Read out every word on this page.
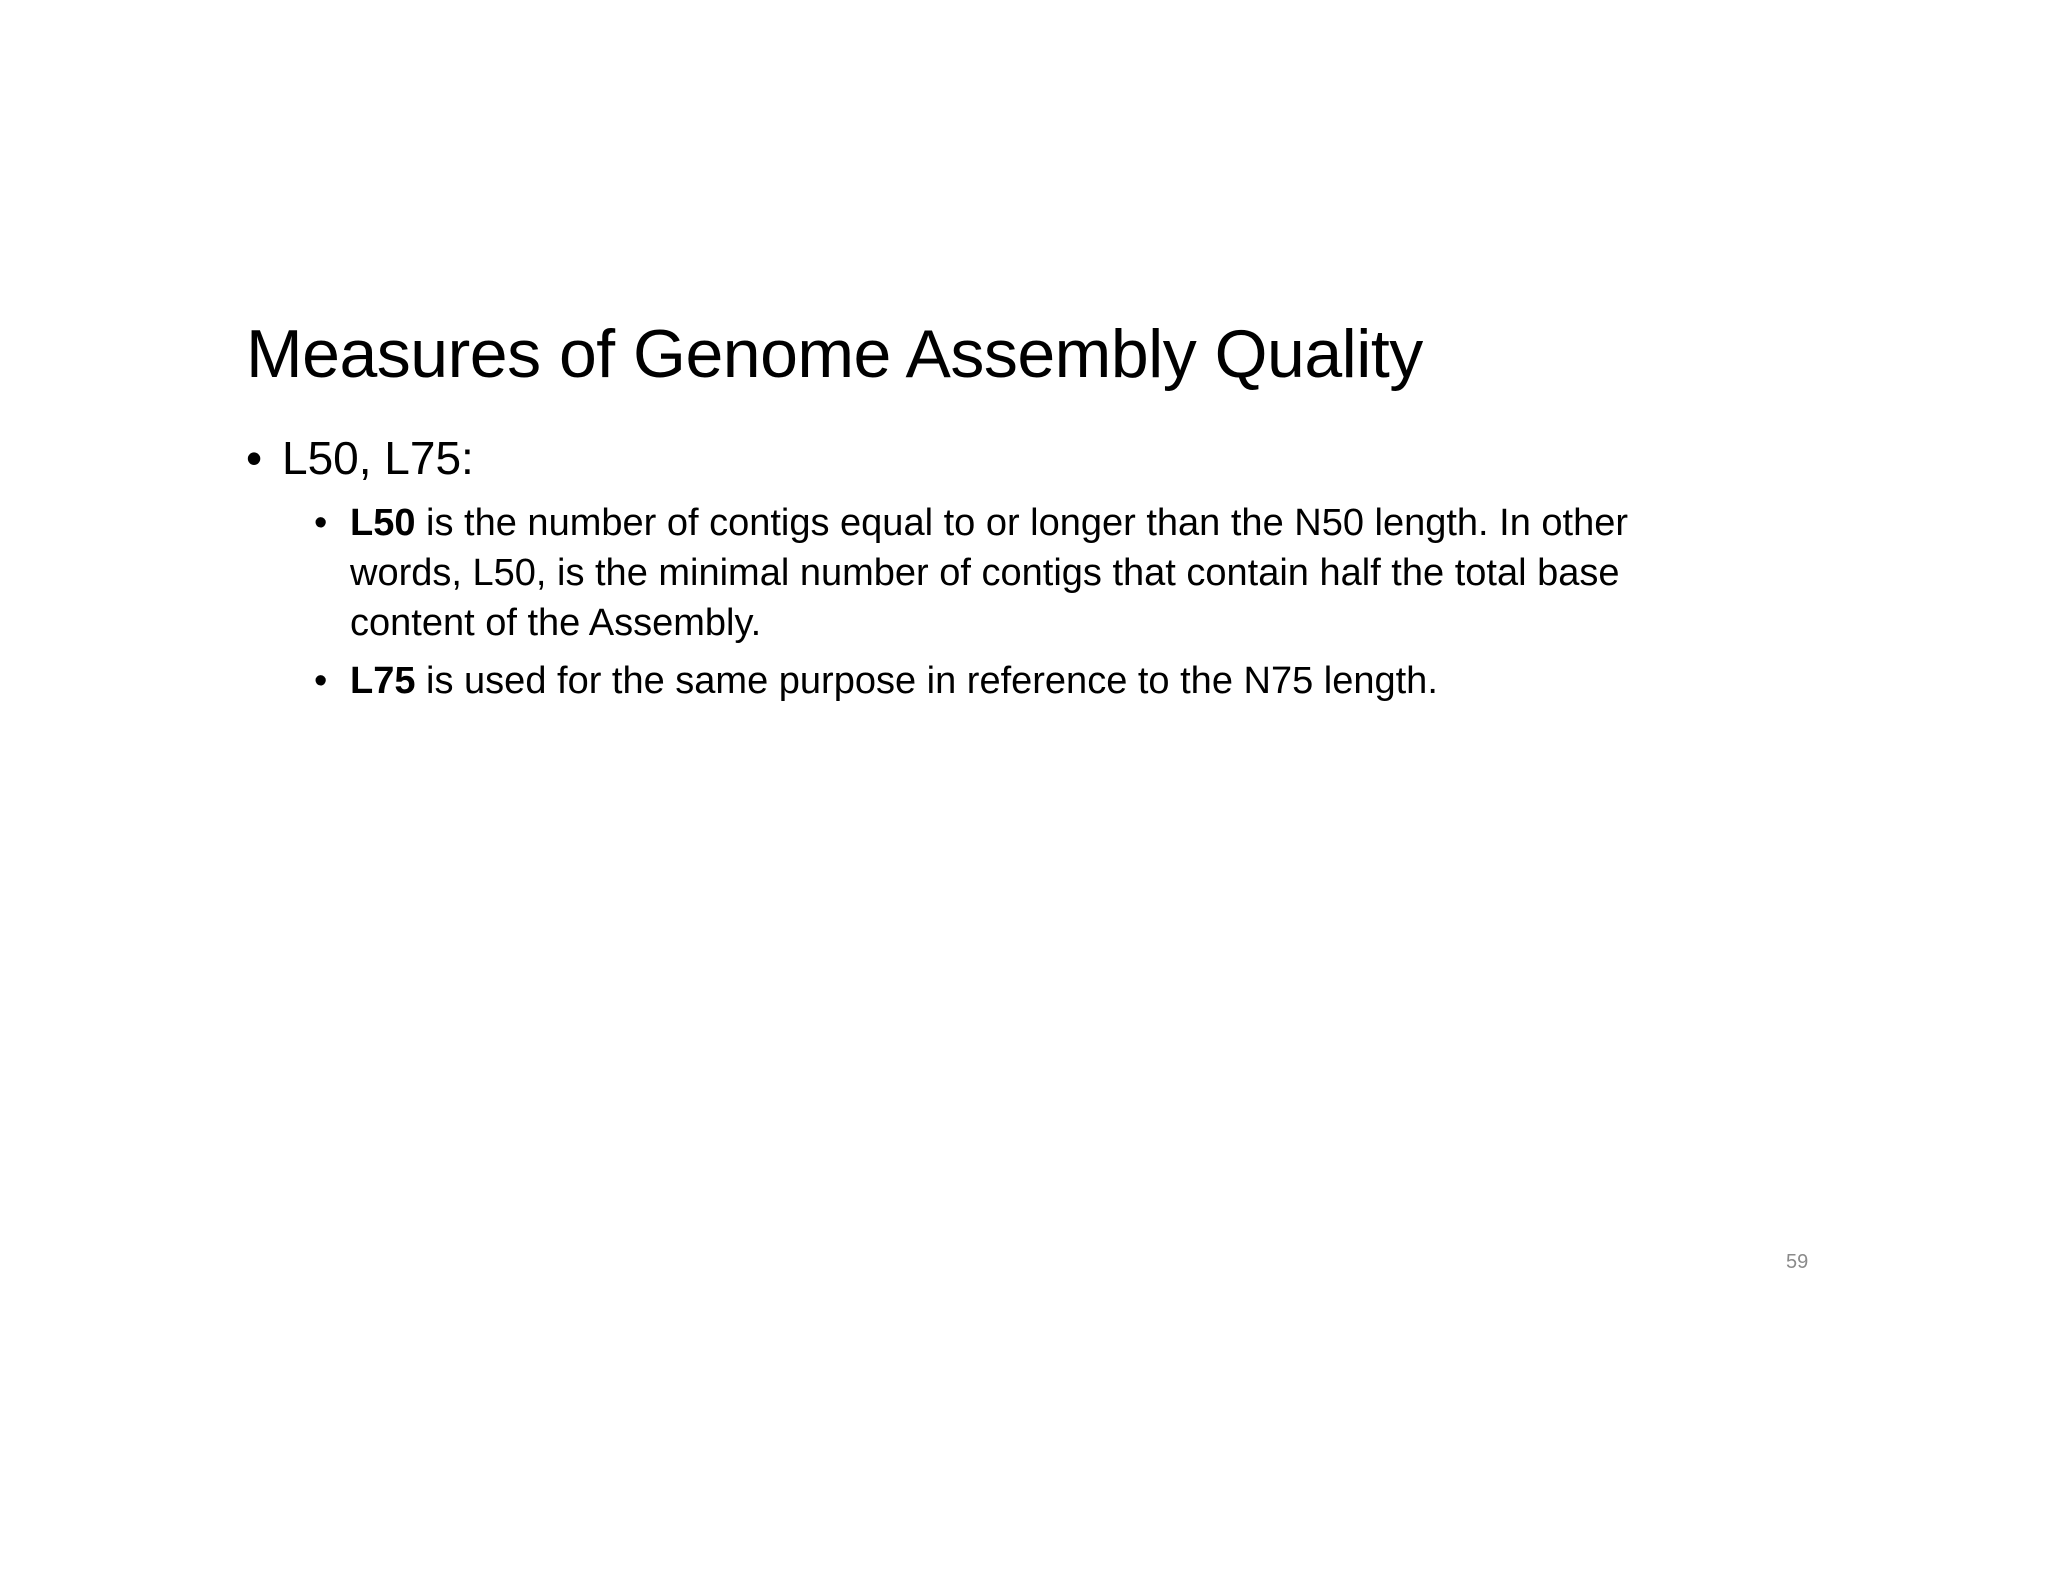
Measures of Genome Assembly Quality
• L50, L75:
• L50 is the number of contigs equal to or longer than the N50 length. In other
words, L50, is the minimal number of contigs that contain half the total base
content of the Assembly.
• L75 is used for the same purpose in reference to the N75 length.
59
